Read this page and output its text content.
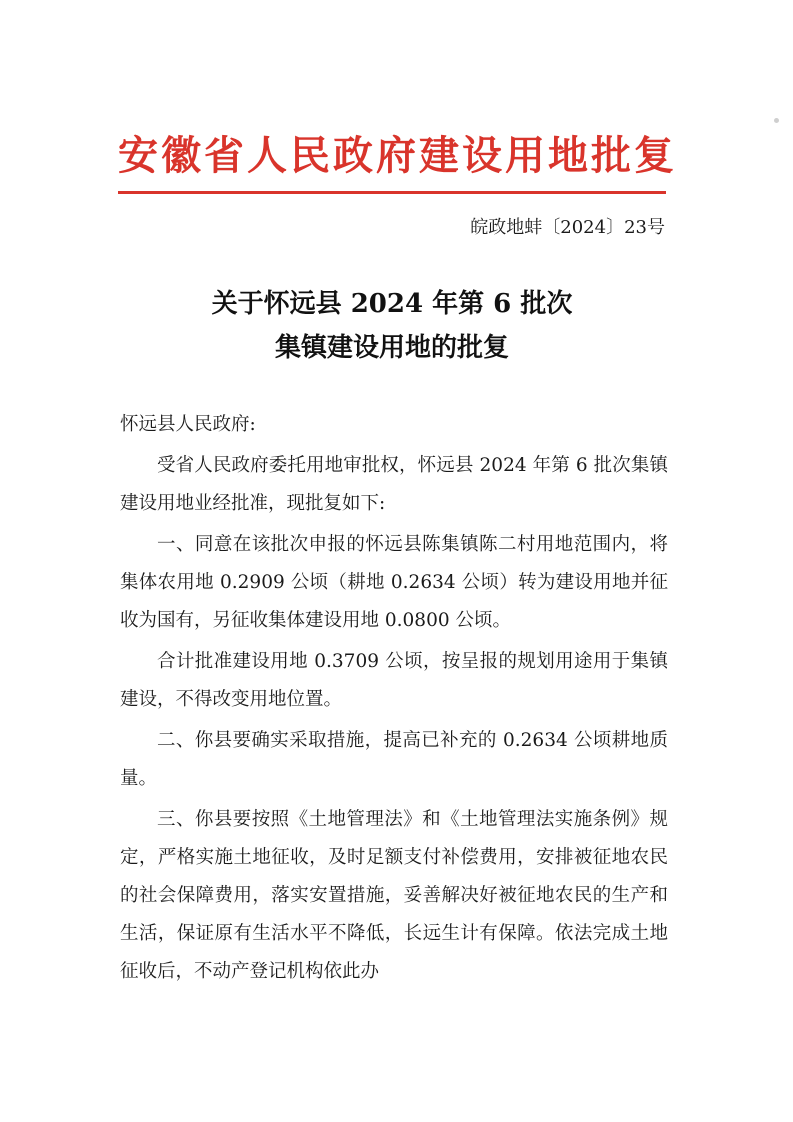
安徽省人民政府建设用地批复
皖政地蚌〔2024〕23号
关于怀远县 2024 年第 6 批次
集镇建设用地的批复

怀远县人民政府:

受省人民政府委托用地审批权，怀远县 2024 年第 6 批次集镇建设用地业经批准，现批复如下:

一、同意在该批次申报的怀远县陈集镇陈二村用地范围内，将集体农用地 0.2909 公顷（耕地 0.2634 公顷）转为建设用地并征收为国有，另征收集体建设用地 0.0800 公顷。

合计批准建设用地 0.3709 公顷，按呈报的规划用途用于集镇建设，不得改变用地位置。

二、你县要确实采取措施，提高已补充的 0.2634 公顷耕地质量。

三、你县要按照《土地管理法》和《土地管理法实施条例》规定，严格实施土地征收，及时足额支付补偿费用，安排被征地农民的社会保障费用，落实安置措施，妥善解决好被征地农民的生产和生活，保证原有生活水平不降低，长远生计有保障。依法完成土地征收后，不动产登记机构依此办
